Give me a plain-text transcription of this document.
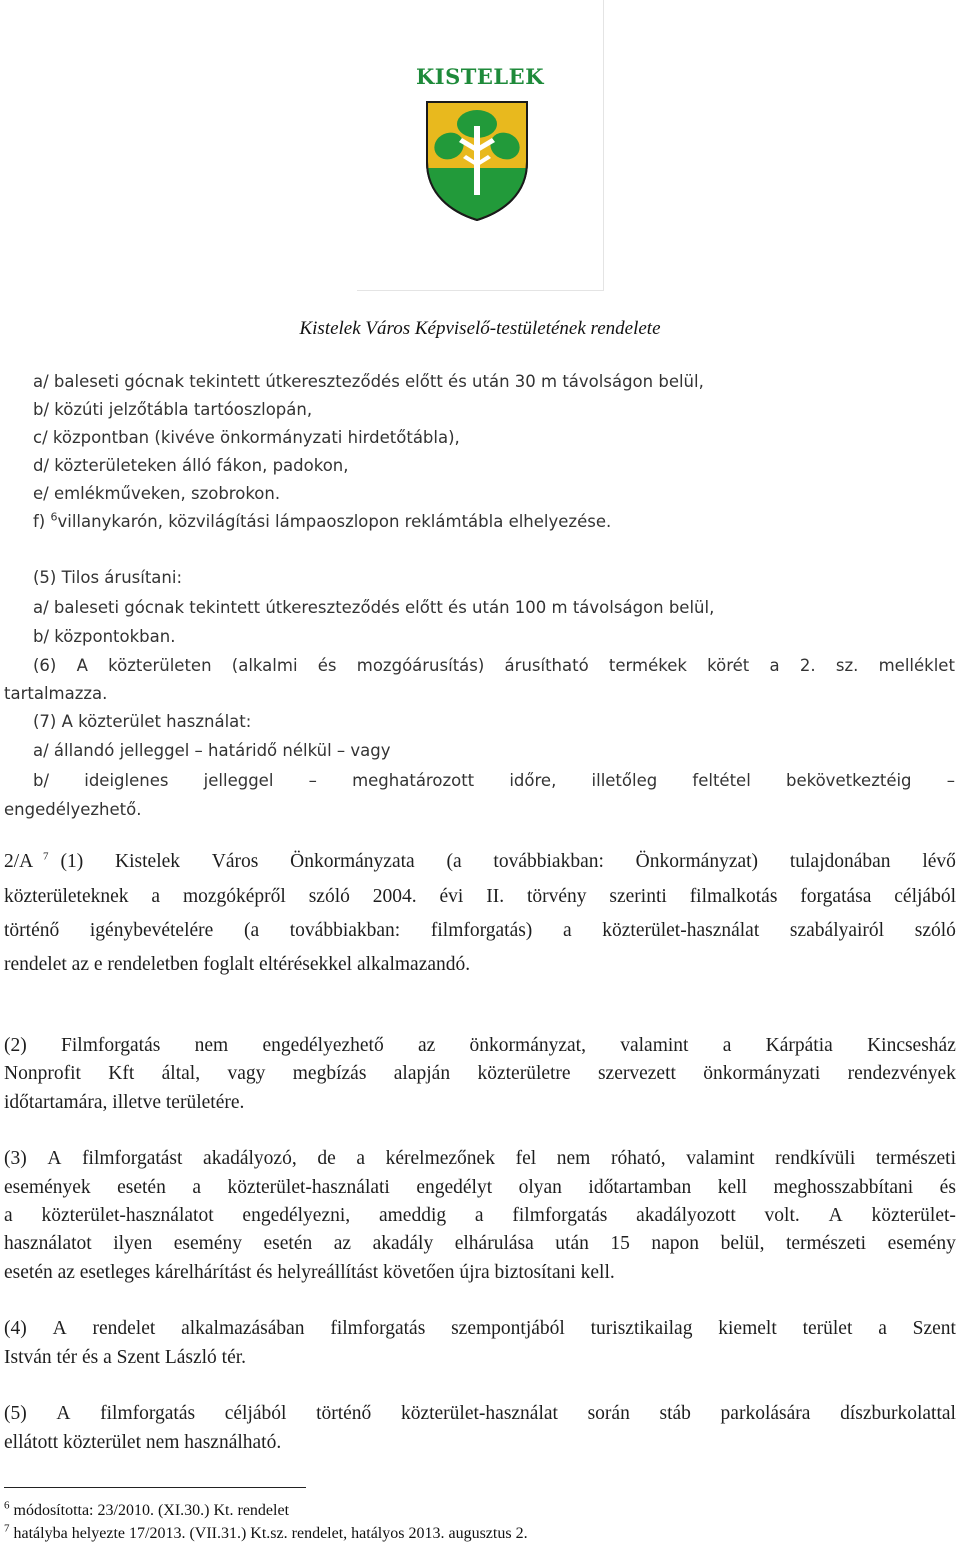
KISTELEK
Kistelek Város Képviselő-testületének rendelete
a/ baleseti gócnak tekintett útkereszteződés előtt és után 30 m távolságon belül,
b/ közúti jelzőtábla tartóoszlopán,
c/ központban (kivéve önkormányzati hirdetőtábla),
d/ közterületeken álló fákon, padokon,
e/ emlékműveken, szobrokon.
f) $^6$villanykarón, közvilágítási lámpaoszlopon reklámtábla elhelyezése.
(5) Tilos árusítani:
a/ baleseti gócnak tekintett útkereszteződés előtt és után 100 m távolságon belül,
b/ központokban.
(6) A közterületen (alkalmi és mozgóárusítás) árusítható termékek körét a 2. sz. melléklet
tartalmazza.
(7) A közterület használat:
a/ állandó jelleggel – határidő nélkül – vagy
b/ ideiglenes jelleggel – meghatározott időre, illetőleg feltétel bekövetkeztéig –
engedélyezhető.
2/A $^7$ (1) Kistelek Város Önkormányzata (a továbbiakban: Önkormányzat) tulajdonában lévő
közterületeknek a mozgóképről szóló 2004. évi II. törvény szerinti filmalkotás forgatása céljából
történő igénybevételére (a továbbiakban: filmforgatás) a közterület-használat szabályairól szóló
rendelet az e rendeletben foglalt eltérésekkel alkalmazandó.
(2) Filmforgatás nem engedélyezhető az önkormányzat, valamint a Kárpátia Kincsesház
Nonprofit Kft által, vagy megbízás alapján közterületre szervezett önkormányzati rendezvények
időtartamára, illetve területére.
(3) A filmforgatást akadályozó, de a kérelmezőnek fel nem róható, valamint rendkívüli természeti
események esetén a közterület-használati engedélyt olyan időtartamban kell meghosszabbítani és
a közterület-használatot engedélyezni, ameddig a filmforgatás akadályozott volt. A közterület-
használatot ilyen esemény esetén az akadály elhárulása után 15 napon belül, természeti esemény
esetén az esetleges kárelhárítást és helyreállítást követően újra biztosítani kell.
(4) A rendelet alkalmazásában filmforgatás szempontjából turisztikailag kiemelt terület a Szent
István tér és a Szent László tér.
(5) A filmforgatás céljából történő közterület-használat során stáb parkolására díszburkolattal
ellátott közterület nem használható.
$^6$ módosította: 23/2010. (XI.30.) Kt. rendelet
$^7$ hatályba helyezte 17/2013. (VII.31.) Kt.sz. rendelet, hatályos 2013. augusztus 2.
